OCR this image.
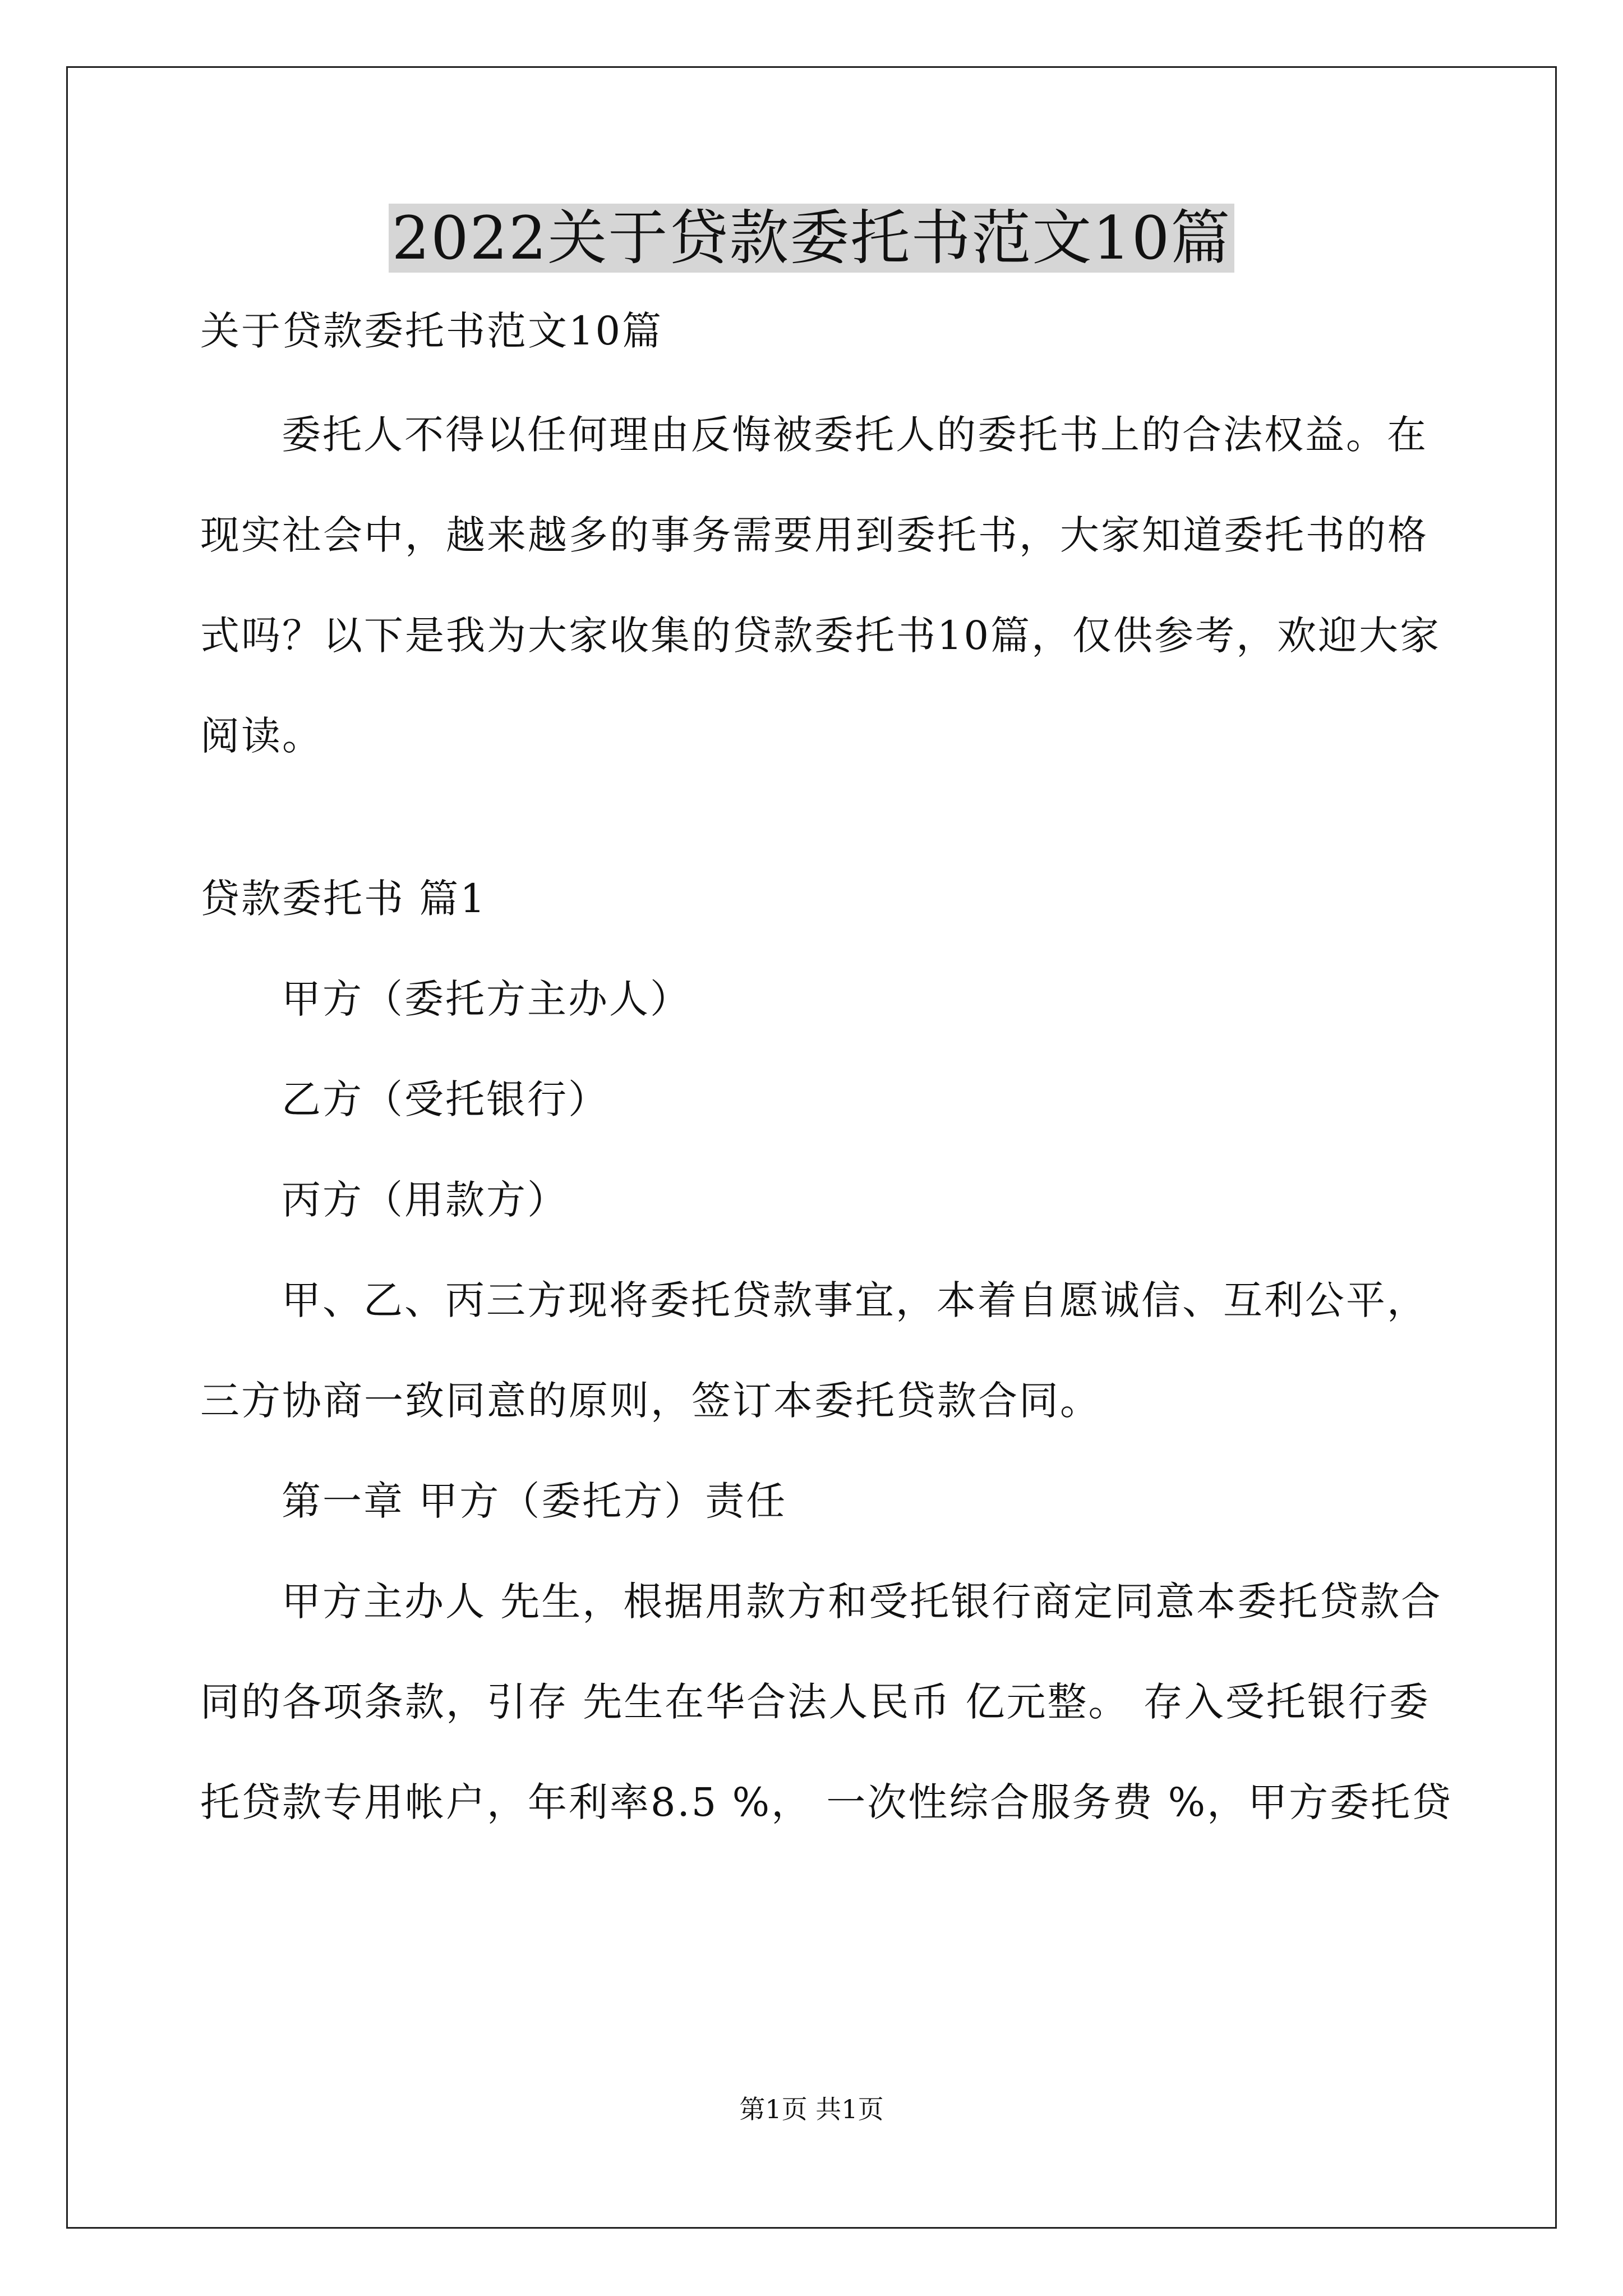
2022关于贷款委托书范文10篇
关于贷款委托书范文10篇
委托人不得以任何理由反悔被委托人的委托书上的合法权益。在
现实社会中，越来越多的事务需要用到委托书，大家知道委托书的格
式吗？以下是我为大家收集的贷款委托书10篇，仅供参考，欢迎大家
阅读。
贷款委托书 篇1
甲方（委托方主办人）
乙方（受托银行）
丙方（用款方）
甲、乙、丙三方现将委托贷款事宜，本着自愿诚信、互利公平，
三方协商一致同意的原则，签订本委托贷款合同。
第一章 甲方（委托方）责任
甲方主办人 先生，根据用款方和受托银行商定同意本委托贷款合
同的各项条款，引存 先生在华合法人民币 亿元整。 存入受托银行委
托贷款专用帐户，年利率8.5 %， 一次性综合服务费 %，甲方委托贷
第1页 共1页
